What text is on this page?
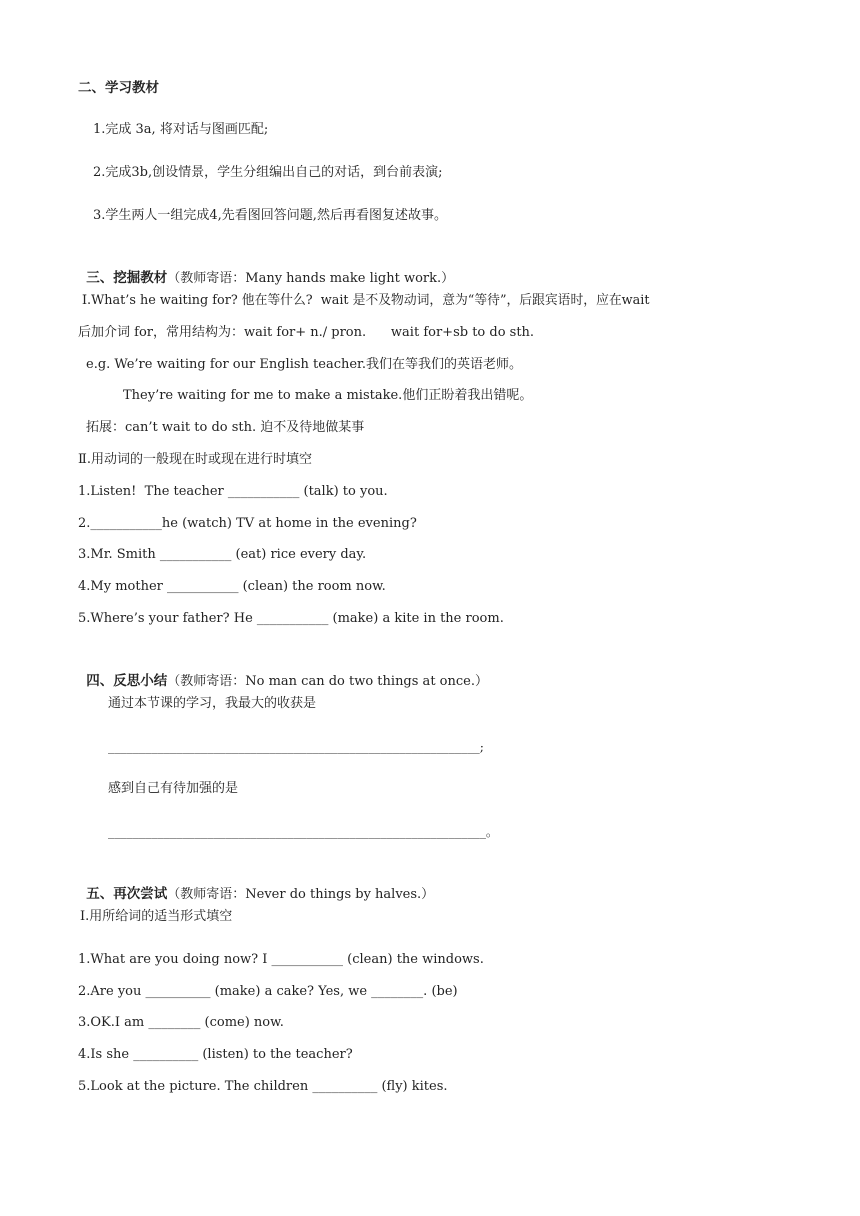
二、学习教材
1.完成 3a, 将对话与图画匹配;
2.完成3b,创设情景，学生分组编出自己的对话，到台前表演;
3.学生两人一组完成4,先看图回答问题,然后再看图复述故事。

三、挖掘教材（教师寄语：Many hands make light work.）

Ⅰ.What’s he waiting for? 他在等什么?  wait 是不及物动词，意为“等待”，后跟宾语时，应在wait
后加介词 for，常用结构为：wait for+ n./ pron.      wait for+sb to do sth.
e.g. We’re waiting for our English teacher.我们在等我们的英语老师。
They’re waiting for me to make a mistake.他们正盼着我出错呢。
拓展：can’t wait to do sth. 迫不及待地做某事
Ⅱ.用动词的一般现在时或现在进行时填空
1.Listen!  The teacher ___________ (talk) to you.
2.___________he (watch) TV at home in the evening?
3.Mr. Smith ___________ (eat) rice every day.
4.My mother ___________ (clean) the room now.
5.Where’s your father? He ___________ (make) a kite in the room.

四、反思小结（教师寄语：No man can do two things at once.）

通过本节课的学习，我最大的收获是
____________________________________________________________;
感到自己有待加强的是
_____________________________________________________________。

五、再次尝试（教师寄语：Never do things by halves.）

Ⅰ.用所给词的适当形式填空
1.What are you doing now? I ___________ (clean) the windows.
2.Are you __________ (make) a cake? Yes, we ________. (be)
3.OK.I am ________ (come) now.
4.Is she __________ (listen) to the teacher?
5.Look at the picture. The children __________ (fly) kites.
